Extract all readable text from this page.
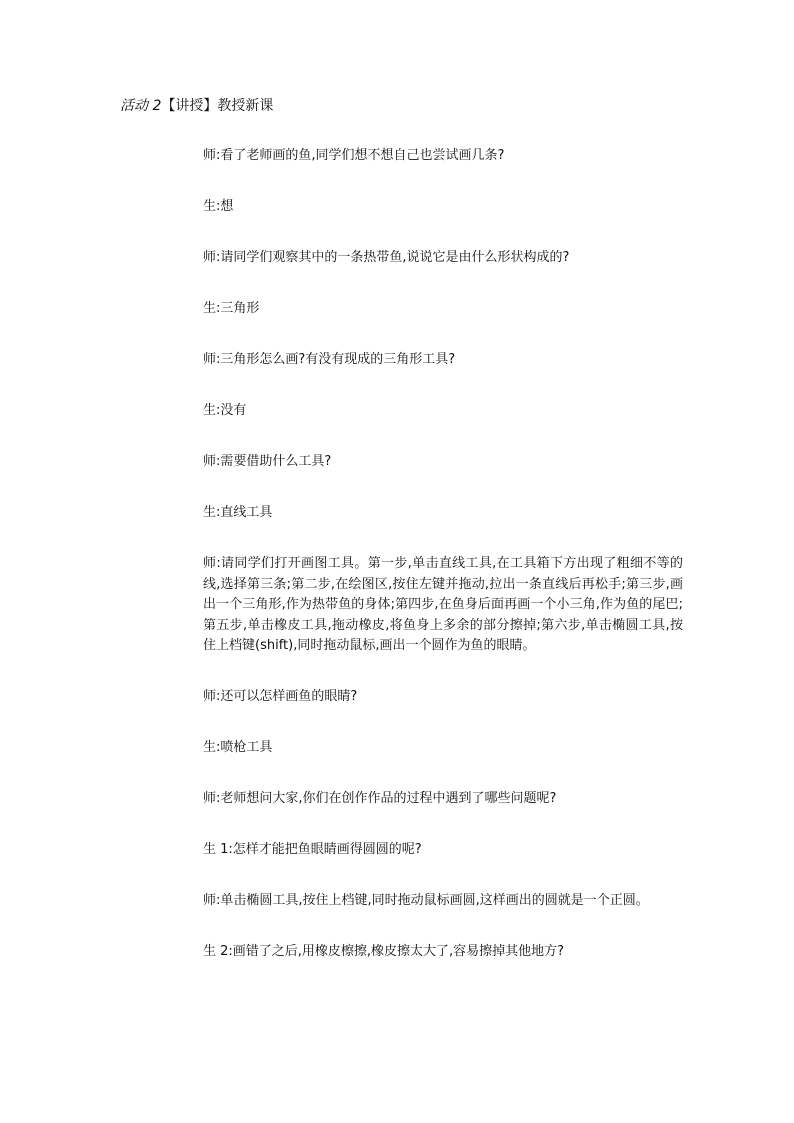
活动 2【讲授】教授新课

师:看了老师画的鱼,同学们想不想自己也尝试画几条?

生:想

师:请同学们观察其中的一条热带鱼,说说它是由什么形状构成的?

生:三角形

师:三角形怎么画?有没有现成的三角形工具?

生:没有

师:需要借助什么工具?

生:直线工具

师:请同学们打开画图工具。第一步,单击直线工具,在工具箱下方出现了粗细不等的线,选择第三条;第二步,在绘图区,按住左键并拖动,拉出一条直线后再松手;第三步,画出一个三角形,作为热带鱼的身体;第四步,在鱼身后面再画一个小三角,作为鱼的尾巴;第五步,单击橡皮工具,拖动橡皮,将鱼身上多余的部分擦掉;第六步,单击椭圆工具,按住上档键(shift),同时拖动鼠标,画出一个圆作为鱼的眼睛。

师:还可以怎样画鱼的眼睛?

生:喷枪工具

师:老师想问大家,你们在创作作品的过程中遇到了哪些问题呢?

生 1:怎样才能把鱼眼睛画得圆圆的呢?

师:单击椭圆工具,按住上档键,同时拖动鼠标画圆,这样画出的圆就是一个正圆。

生 2:画错了之后,用橡皮檫擦,橡皮擦太大了,容易擦掉其他地方?
